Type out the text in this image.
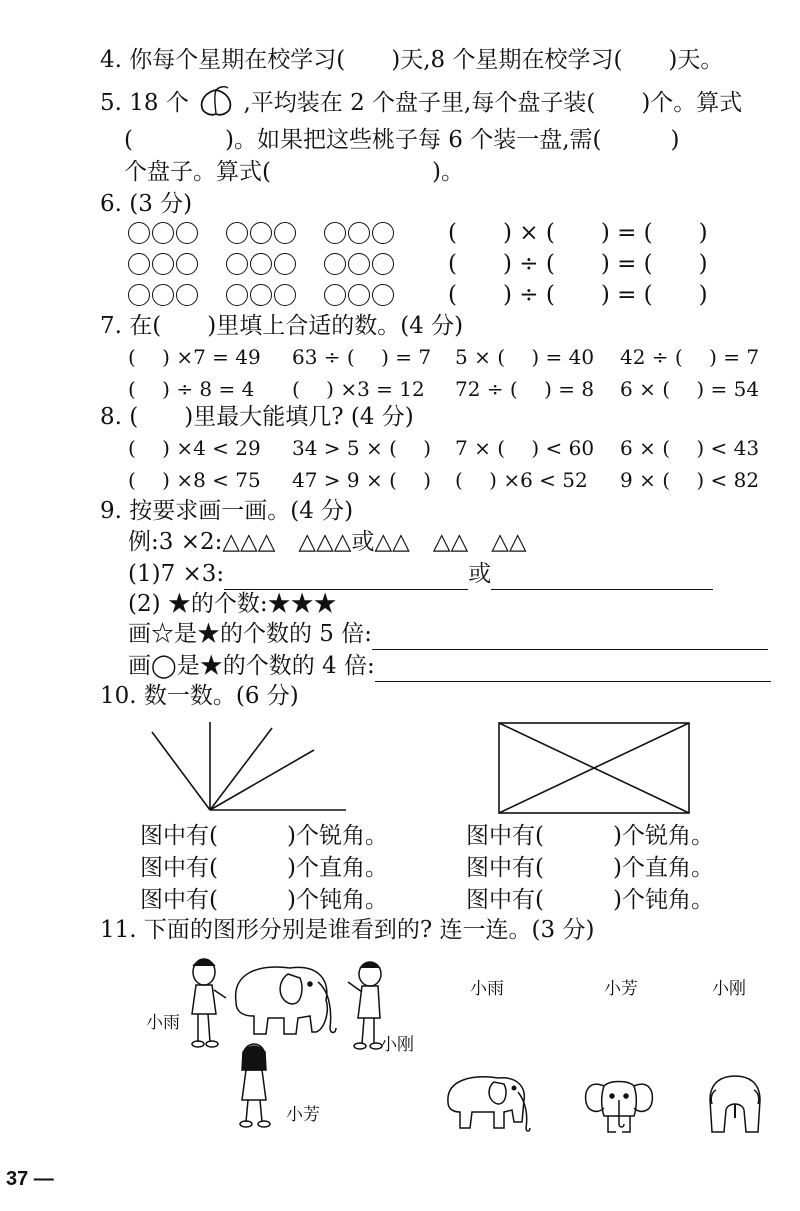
4. 你每个星期在校学习(　　)天,8 个星期在校学习(　　)天。
5. 18 个 ,平均装在 2 个盘子里,每个盘子装(　　)个。算式
(　　　　)。如果把这些桃子每 6 个装一盘,需(　　　)
个盘子。算式(　　　　　　　)。
6. (3 分)
(　　) × (　　) = (　　)
(　　) ÷ (　　) = (　　)
(　　) ÷ (　　) = (　　)
7. 在(　　)里填上合适的数。(4 分)
(　 ) ×7 = 49 63 ÷ (　 ) = 7 5 × (　 ) = 40 42 ÷ (　 ) = 7
(　 ) ÷ 8 = 4 (　 ) ×3 = 12 72 ÷ (　 ) = 8 6 × (　 ) = 54
8. (　　)里最大能填几? (4 分)
(　 ) ×4 < 29 34 > 5 × (　 ) 7 × (　 ) < 60 6 × (　 ) < 43
(　 ) ×8 < 75 47 > 9 × (　 ) (　 ) ×6 < 52 9 × (　 ) < 82
9. 按要求画一画。(4 分)
例:3 ×2:△△△　△△△或△△　△△　△△
(1)7 ×3:	或
(2) ★的个数:★★★
画☆是★的个数的 5 倍:
画◯是★的个数的 4 倍:
10. 数一数。(6 分)
图中有(　　　)个锐角。
图中有(　　　)个直角。
图中有(　　　)个钝角。
图中有(　　　)个锐角。
图中有(　　　)个直角。
图中有(　　　)个钝角。
11. 下面的图形分别是谁看到的? 连一连。(3 分)
小雨
小刚
小芳
小雨	小芳	小刚
37 —
